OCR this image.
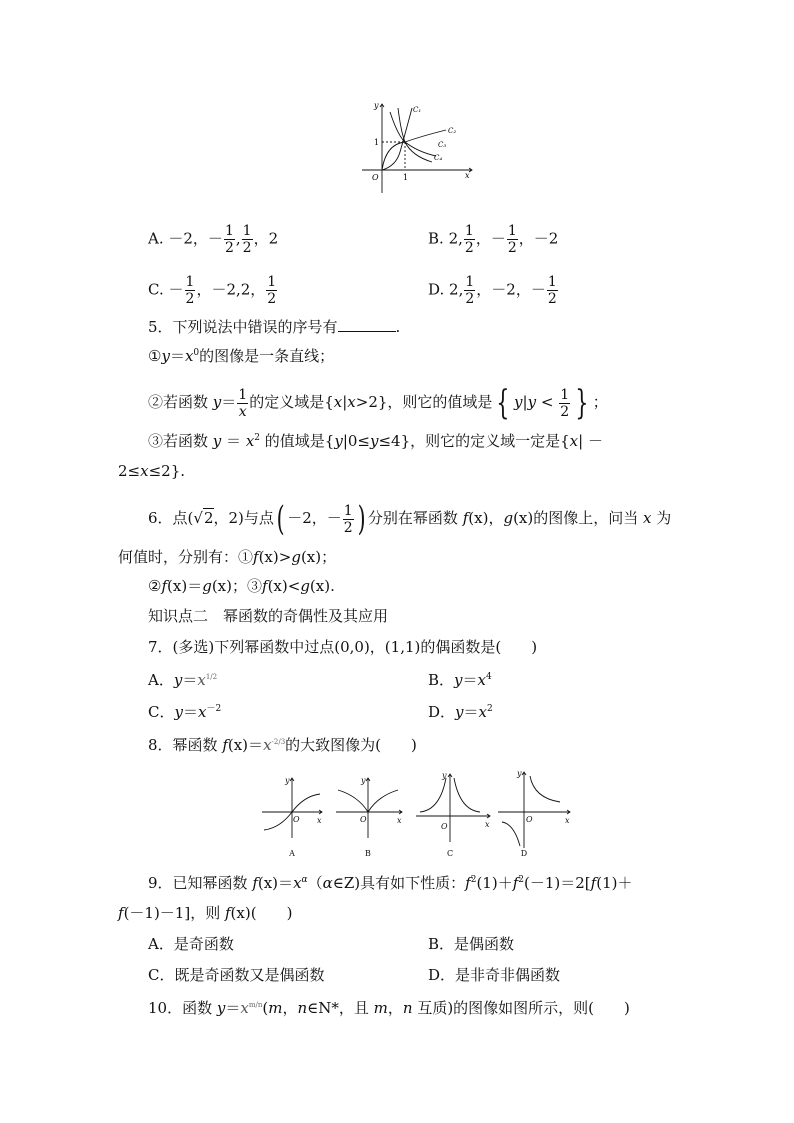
y
x
O	1
1
C₁
C₂
C₃
C₄
A. －2，－ $\frac{1}{2}$ , $\frac{1}{2}$ ，2	B. 2, $\frac{1}{2}$ ，－ $\frac{1}{2}$ ，－2
C. － $\frac{1}{2}$ ，－2,2， $\frac{1}{2}$	D. 2, $\frac{1}{2}$ ，－2，－ $\frac{1}{2}$
5．下列说法中错误的序号有	.
$①y=x^0$的图像是一条直线；
②若函数 $y= \frac{1}{x}$ 的定义域是{x|x>2}，则它的值域是 { $y|y < \frac{1}{2}$ } ；
③若函数 $y = x^2$ 的值域是{y|0≤y≤4}，则它的定义域一定是{x| －
2≤x≤2}.
6．点(√2，2)与点( －2，－ $\frac{1}{2}$ ) 分别在幂函数 f(x)，g(x)的图像上，问当 x 为
何值时，分别有：①f(x)>g(x)；
②f(x)＝g(x)；③f(x)<g(x).
知识点二　幂函数的奇偶性及其应用
7．(多选)下列幂函数中过点(0,0)，(1,1)的偶函数是(　　)
A．$y=x^{1/2}$	B．$y=x^4$
C．$y=x^{-2}$	D．$y=x^2$
8．幂函数 $f(x)=x^{-2/3}$的大致图像为(　　)
y
x
O
y
x
O
y
x
O
y
x
O
A	B	C	D
9．已知幂函数 $f(x)=x^\alpha(\alpha\in Z)$具有如下性质：$f^2(1)+f^2(-1)=2[f(1)+$
f(－1)－1]，则 f(x)(　　)
A．是奇函数	B．是偶函数
C．既是奇函数又是偶函数	D．是非奇非偶函数
10．函数 $y=x^{m/n}(m$，n∈N*，且 m，n 互质)的图像如图所示，则(　　)
